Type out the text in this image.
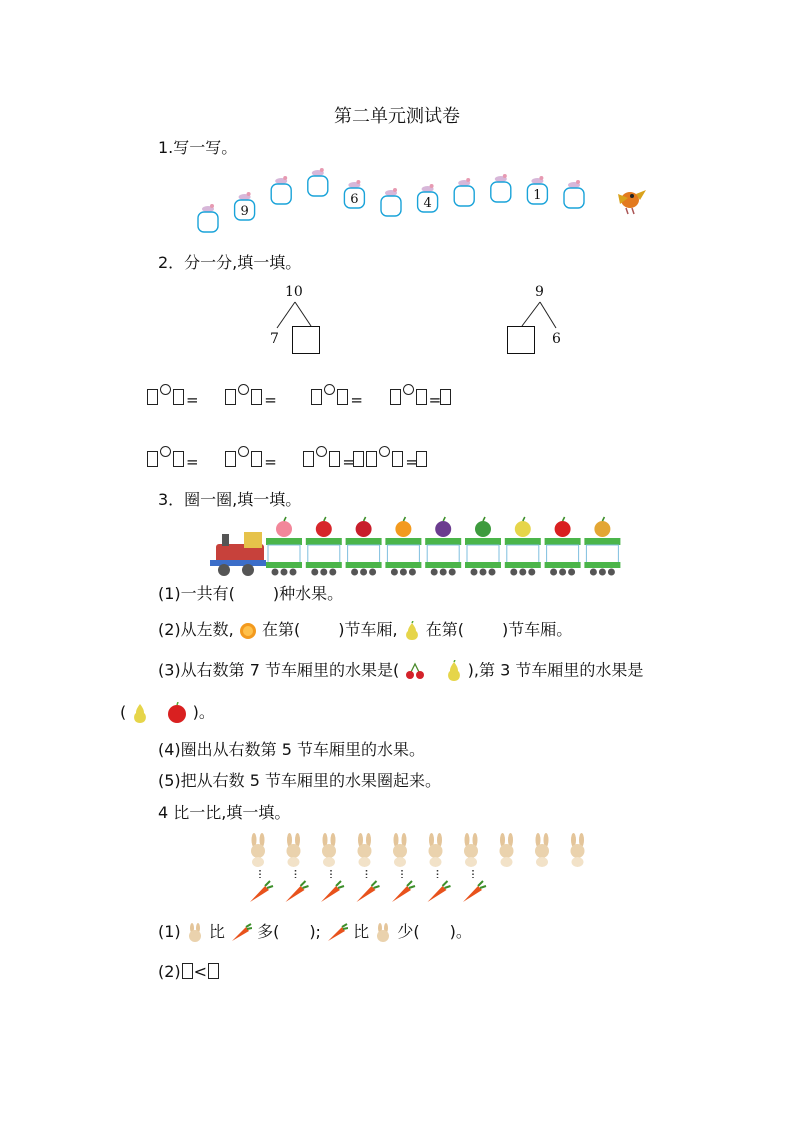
第二单元测试卷
1.写一写。
9
6	4
1
2．分一分,填一填。
10
7
9
6
=	=	=	=
=	=	=	=
3．圈一圈,填一填。
(1)一共有( )种水果。
(2)从左数, 在第( )节车厢, 在第( )节车厢。
(3)从右数第 7 节车厢里的水果是(	),第 3 节车厢里的水果是
(	)。
(4)圈出从右数第 5 节车厢里的水果。
(5)把从右数 5 节车厢里的水果圈起来。
4 比一比,填一填。
(1) 比 多( ); 比 少( )。
(2) <
